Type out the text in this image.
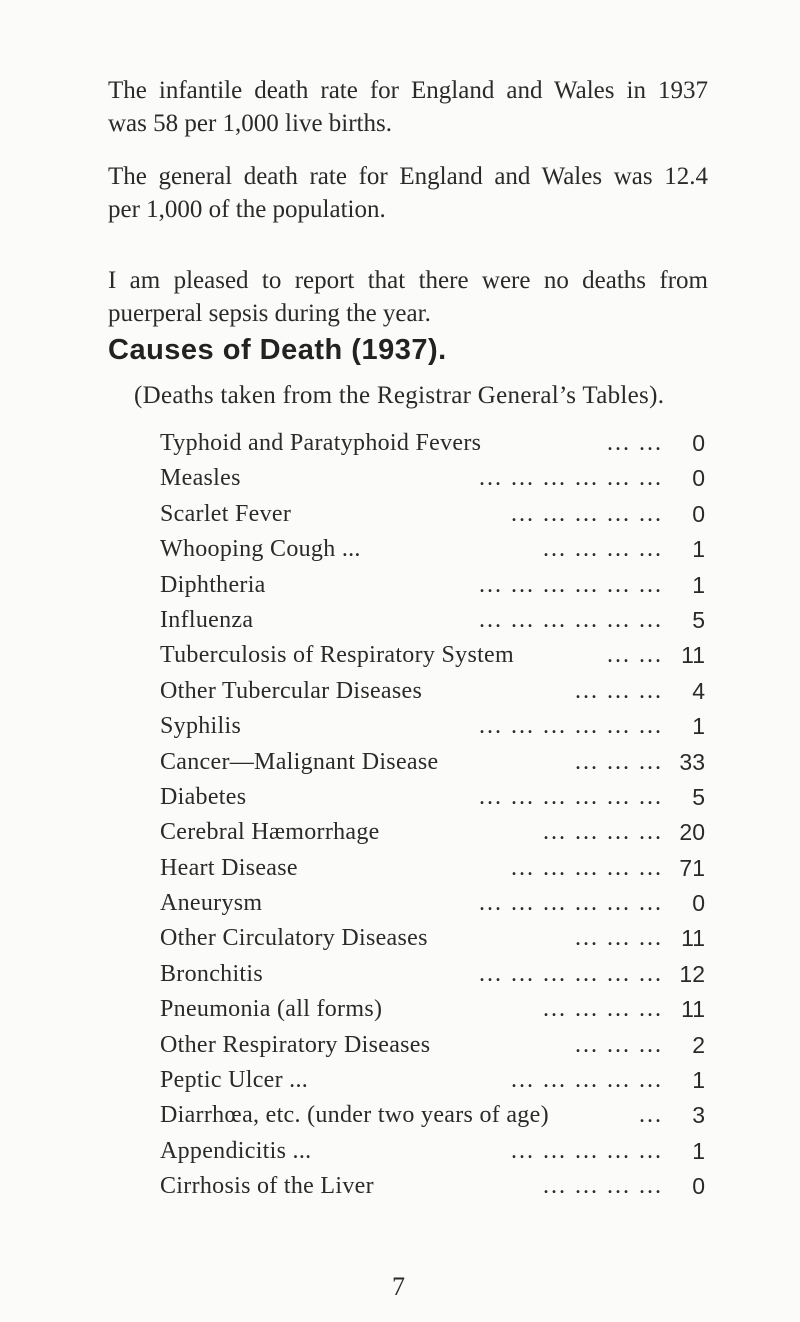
The infantile death rate for England and Wales in 1937
was 58 per 1,000 live births.

The general death rate for England and Wales was 12.4
per 1,000 of the population.

I am pleased to report that there were no deaths from
puerperal sepsis during the year.

Causes of Death (1937).

(Deaths taken from the Registrar General’s Tables).

Typhoid and Paratyphoid Fevers	... ...	0
Measles	... ... ... ... ... ...	0
Scarlet Fever	... ... ... ... ...	0
Whooping Cough ...	... ... ... ...	1
Diphtheria	... ... ... ... ... ...	1
Influenza	... ... ... ... ... ...	5
Tuberculosis of Respiratory System	... ... 11
Other Tubercular Diseases	... ... ...	4
Syphilis	... ... ... ... ... ...	1
Cancer—Malignant Disease	... ... ... 33
Diabetes	... ... ... ... ... ...	5
Cerebral Hæmorrhage	... ... ... ... 20
Heart Disease	... ... ... ... ... 71
Aneurysm	... ... ... ... ... ...	0
Other Circulatory Diseases	... ... ... 11
Bronchitis	... ... ... ... ... ... 12
Pneumonia (all forms)	... ... ... ... 11
Other Respiratory Diseases	... ... ...	2
Peptic Ulcer ...	... ... ... ... ...	1
Diarrhœa, etc. (under two years of age)	...	3
Appendicitis ...	... ... ... ... ...	1
Cirrhosis of the Liver	... ... ... ...	0

7
